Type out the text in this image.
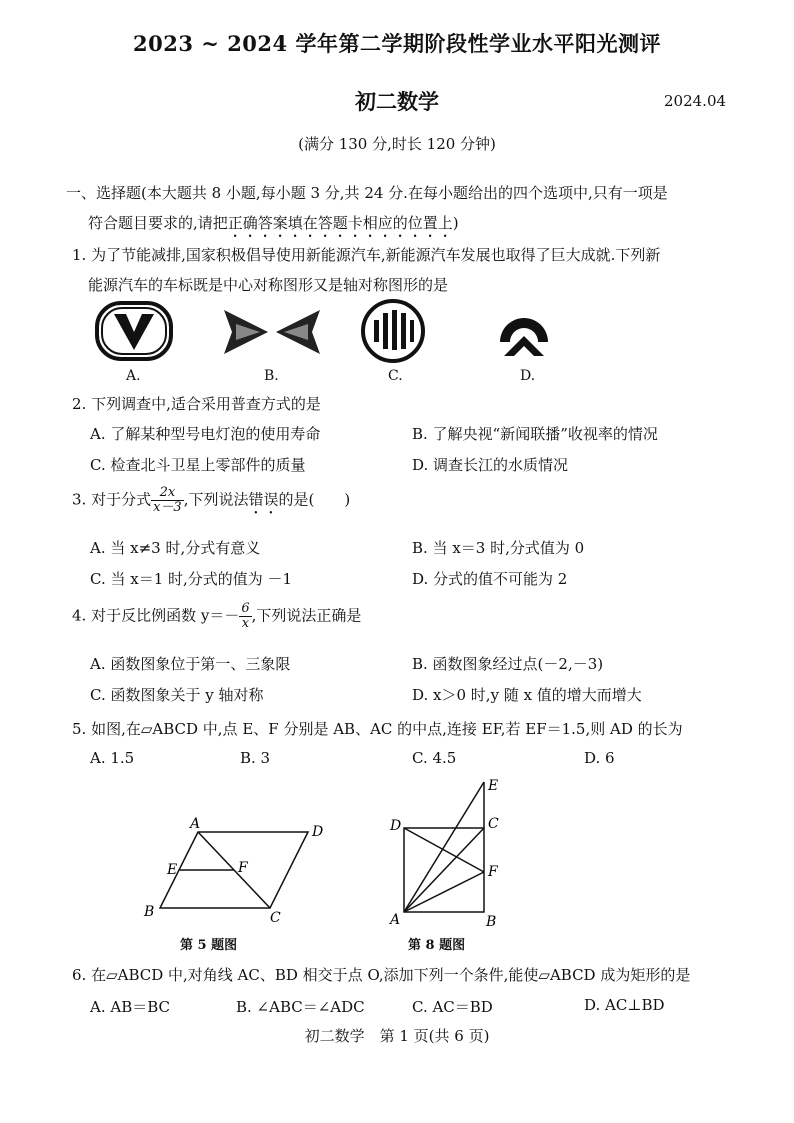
2023 ~ 2024 学年第二学期阶段性学业水平阳光测评
初二数学	2024.04
(满分 130 分,时长 120 分钟)
一、选择题(本大题共 8 小题,每小题 3 分,共 24 分.在每小题给出的四个选项中,只有一项是
符合题目要求的,请把正确答案填在答题卡相应的位置上)
1. 为了节能减排,国家积极倡导使用新能源汽车,新能源汽车发展也取得了巨大成就.下列新
能源汽车的车标既是中心对称图形又是轴对称图形的是
A.	B.	C.	D.
2. 下列调查中,适合采用普查方式的是
A. 了解某种型号电灯泡的使用寿命	B. 了解央视“新闻联播”收视率的情况
C. 检查北斗卫星上零部件的质量	D. 调查长江的水质情况
3. 对于分式 $\frac{2x}{x-3}$ ,下列说法错误的是(　　)
A. 当 x≠3 时,分式有意义	B. 当 x＝3 时,分式值为 0
C. 当 x＝1 时,分式的值为 －1	D. 分式的值不可能为 2
4. 对于反比例函数 $y=- \frac{6}{x}$ ,下列说法正确是
A. 函数图象位于第一、三象限	B. 函数图象经过点(－2,－3)
C. 函数图象关于 y 轴对称	D. x＞0 时,y 随 x 值的增大而增大
5. 如图,在▱ABCD 中,点 E、F 分别是 AB、AC 的中点,连接 EF,若 EF＝1.5,则 AD 的长为
A. 1.5	B. 3	C. 4.5	D. 6
A	D
E	F
B	C
第 5 题图
E
D	C
F
A	B
第 8 题图
6. 在▱ABCD 中,对角线 AC、BD 相交于点 O,添加下列一个条件,能使▱ABCD 成为矩形的是
A. AB＝BC	B. ∠ABC＝∠ADC	C. AC＝BD	D. AC⊥BD
初二数学　第 1 页(共 6 页)
